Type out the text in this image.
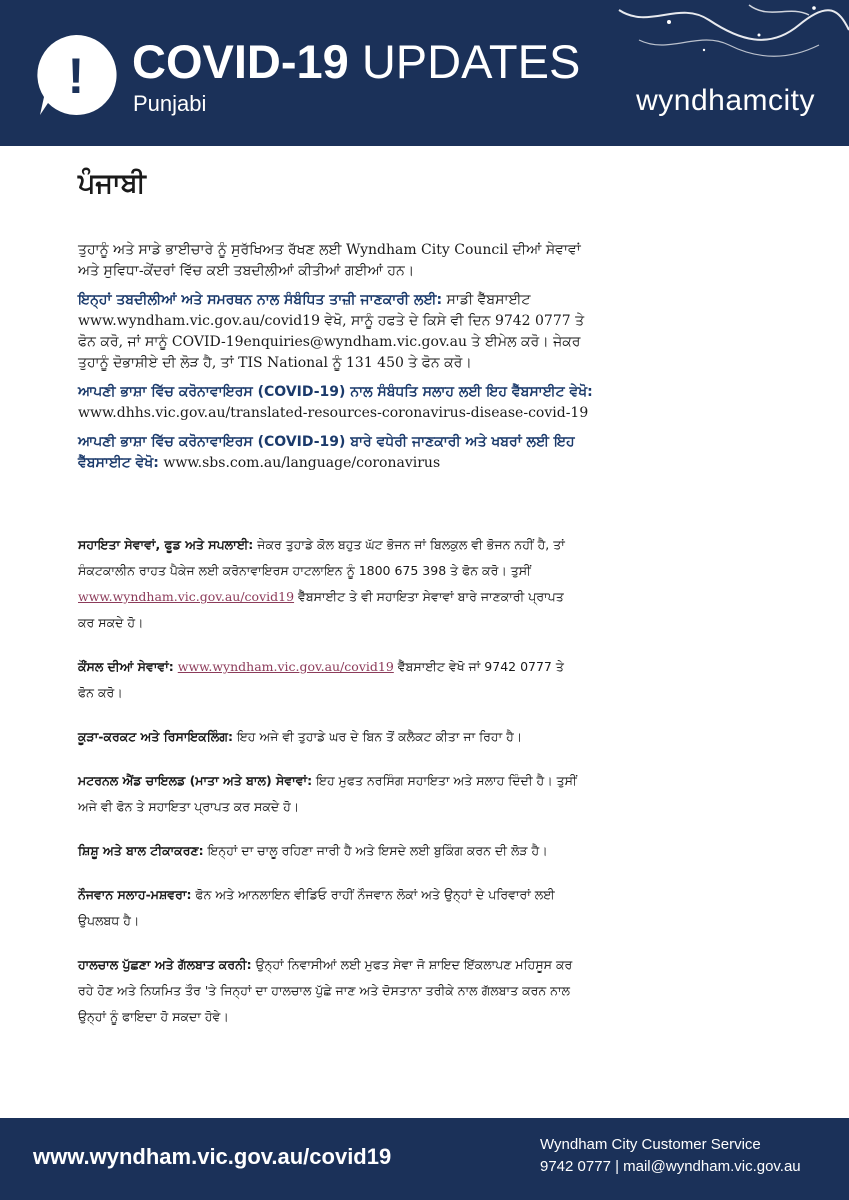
! COVID-19 UPDATES
Punjabi	wyndhamcity
ਪੰਜਾਬੀ

ਤੁਹਾਨੂੰ ਅਤੇ ਸਾਡੇ ਭਾਈਚਾਰੇ ਨੂੰ ਸੁਰੱਖਿਅਤ ਰੱਖਣ ਲਈ Wyndham City Council ਦੀਆਂ ਸੇਵਾਵਾਂ ਅਤੇ ਸੁਵਿਧਾ-ਕੇਂਦਰਾਂ ਵਿੱਚ ਕਈ ਤਬਦੀਲੀਆਂ ਕੀਤੀਆਂ ਗਈਆਂ ਹਨ।

ਇਨ੍ਹਾਂ ਤਬਦੀਲੀਆਂ ਅਤੇ ਸਮਰਥਨ ਨਾਲ ਸੰਬੰਧਿਤ ਤਾਜ਼ੀ ਜਾਣਕਾਰੀ ਲਈ: ਸਾਡੀ ਵੈੱਬਸਾਈਟ www.wyndham.vic.gov.au/covid19 ਵੇਖੋ, ਸਾਨੂੰ ਹਫਤੇ ਦੇ ਕਿਸੇ ਵੀ ਦਿਨ 9742 0777 ਤੇ ਫੋਨ ਕਰੋ, ਜਾਂ ਸਾਨੂੰ COVID-19enquiries@wyndham.vic.gov.au ਤੇ ਈਮੇਲ ਕਰੋ। ਜੇਕਰ ਤੁਹਾਨੂੰ ਦੋਭਾਸ਼ੀਏ ਦੀ ਲੋੜ ਹੈ, ਤਾਂ TIS National ਨੂੰ 131 450 ਤੇ ਫੋਨ ਕਰੋ।

ਆਪਣੀ ਭਾਸ਼ਾ ਵਿੱਚ ਕਰੋਨਾਵਾਇਰਸ (COVID-19) ਨਾਲ ਸੰਬੰਧਤਿ ਸਲਾਹ ਲਈ ਇਹ ਵੈੱਬਸਾਈਟ ਵੇਖੋ: www.dhhs.vic.gov.au/translated-resources-coronavirus-disease-covid-19

ਆਪਣੀ ਭਾਸ਼ਾ ਵਿੱਚ ਕਰੋਨਾਵਾਇਰਸ (COVID-19) ਬਾਰੇ ਵਧੇਰੀ ਜਾਣਕਾਰੀ ਅਤੇ ਖਬਰਾਂ ਲਈ ਇਹ ਵੈੱਬਸਾਈਟ ਵੇਖੋ: www.sbs.com.au/language/coronavirus

ਸਹਾਇਤਾ ਸੇਵਾਵਾਂ, ਫੂਡ ਅਤੇ ਸਪਲਾਈ: ਜੇਕਰ ਤੁਹਾਡੇ ਕੋਲ ਬਹੁਤ ਘੱਟ ਭੋਜਨ ਜਾਂ ਬਿਲਕੁਲ ਵੀ ਭੋਜਨ ਨਹੀਂ ਹੈ, ਤਾਂ ਸੰਕਟਕਾਲੀਨ ਰਾਹਤ ਪੈਕੇਜ ਲਈ ਕਰੋਨਾਵਾਇਰਸ ਹਾਟਲਾਇਨ ਨੂੰ 1800 675 398 ਤੇ ਫੋਨ ਕਰੋ। ਤੁਸੀਂ www.wyndham.vic.gov.au/covid19 ਵੈੱਬਸਾਈਟ ਤੇ ਵੀ ਸਹਾਇਤਾ ਸੇਵਾਵਾਂ ਬਾਰੇ ਜਾਣਕਾਰੀ ਪ੍ਰਾਪਤ ਕਰ ਸਕਦੇ ਹੋ।

ਕੌਂਸਲ ਦੀਆਂ ਸੇਵਾਵਾਂ: www.wyndham.vic.gov.au/covid19 ਵੈੱਬਸਾਈਟ ਵੇਖੋ ਜਾਂ 9742 0777 ਤੇ ਫੋਨ ਕਰੋ।

ਕੂੜਾ-ਕਰਕਟ ਅਤੇ ਰਿਸਾਇਕਲਿੰਗ: ਇਹ ਅਜੇ ਵੀ ਤੁਹਾਡੇ ਘਰ ਦੇ ਬਿਨ ਤੋਂ ਕਲੈਕਟ ਕੀਤਾ ਜਾ ਰਿਹਾ ਹੈ।

ਮਟਰਨਲ ਐਂਡ ਚਾਇਲਡ (ਮਾਤਾ ਅਤੇ ਬਾਲ) ਸੇਵਾਵਾਂ: ਇਹ ਮੁਫਤ ਨਰਸਿੰਗ ਸਹਾਇਤਾ ਅਤੇ ਸਲਾਹ ਦਿੰਦੀ ਹੈ। ਤੁਸੀਂ ਅਜੇ ਵੀ ਫੋਨ ਤੇ ਸਹਾਇਤਾ ਪ੍ਰਾਪਤ ਕਰ ਸਕਦੇ ਹੋ।

ਸ਼ਿਸ਼ੂ ਅਤੇ ਬਾਲ ਟੀਕਾਕਰਣ: ਇਨ੍ਹਾਂ ਦਾ ਚਾਲੂ ਰਹਿਣਾ ਜਾਰੀ ਹੈ ਅਤੇ ਇਸਦੇ ਲਈ ਬੁਕਿੰਗ ਕਰਨ ਦੀ ਲੋੜ ਹੈ।

ਨੌਜਵਾਨ ਸਲਾਹ-ਮਸ਼ਵਰਾ: ਫੋਨ ਅਤੇ ਆਨਲਾਇਨ ਵੀਡਿਓ ਰਾਹੀਂ ਨੌਜਵਾਨ ਲੋਕਾਂ ਅਤੇ ਉਨ੍ਹਾਂ ਦੇ ਪਰਿਵਾਰਾਂ ਲਈ ਉਪਲਬਧ ਹੈ।

ਹਾਲਚਾਲ ਪੁੱਛਣਾ ਅਤੇ ਗੱਲਬਾਤ ਕਰਨੀ: ਉਨ੍ਹਾਂ ਨਿਵਾਸੀਆਂ ਲਈ ਮੁਫਤ ਸੇਵਾ ਜੋ ਸ਼ਾਇਦ ਇੱਕਲਾਪਣ ਮਹਿਸੂਸ ਕਰ ਰਹੇ ਹੋਣ ਅਤੇ ਨਿਯਮਿਤ ਤੌਰ 'ਤੇ ਜਿਨ੍ਹਾਂ ਦਾ ਹਾਲਚਾਲ ਪੁੱਛੇ ਜਾਣ ਅਤੇ ਦੋਸਤਾਨਾ ਤਰੀਕੇ ਨਾਲ ਗੱਲਬਾਤ ਕਰਨ ਨਾਲ ਉਨ੍ਹਾਂ ਨੂੰ ਫਾਇਦਾ ਹੋ ਸਕਦਾ ਹੋਵੇ।

www.wyndham.vic.gov.au/covid19	Wyndham City Customer Service
9742 0777 | mail@wyndham.vic.gov.au
